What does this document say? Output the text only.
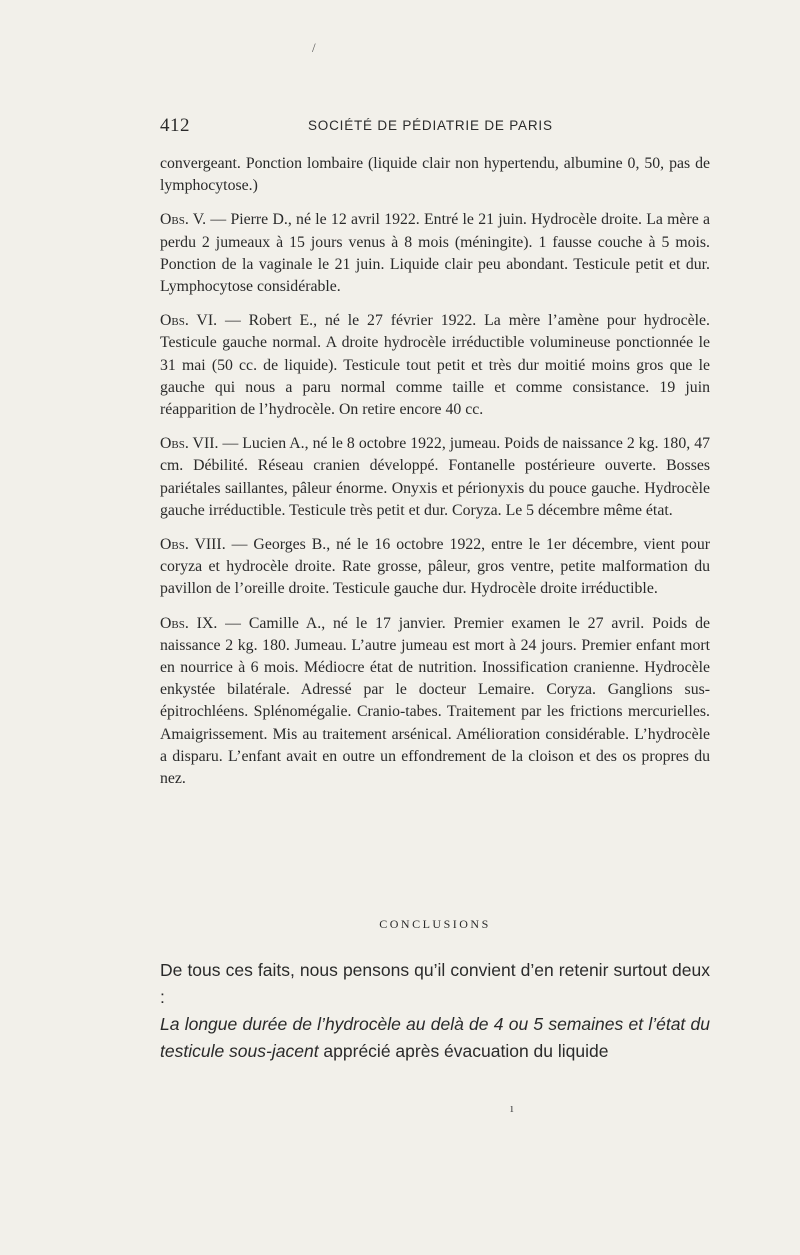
/
412	SOCIÉTÉ DE PÉDIATRIE DE PARIS

convergeant. Ponction lombaire (liquide clair non hypertendu, albumine 0, 50, pas de lymphocytose.)

Obs. V. — Pierre D., né le 12 avril 1922. Entré le 21 juin. Hydrocèle droite. La mère a perdu 2 jumeaux à 15 jours venus à 8 mois (méningite). 1 fausse couche à 5 mois. Ponction de la vaginale le 21 juin. Liquide clair peu abondant. Testicule petit et dur. Lymphocytose considérable.

Obs. VI. — Robert E., né le 27 février 1922. La mère l’amène pour hydrocèle. Testicule gauche normal. A droite hydrocèle irréductible volumineuse ponctionnée le 31 mai (50 cc. de liquide). Testicule tout petit et très dur moitié moins gros que le gauche qui nous a paru normal comme taille et comme consistance. 19 juin réapparition de l’hydrocèle. On retire encore 40 cc.

Obs. VII. — Lucien A., né le 8 octobre 1922, jumeau. Poids de naissance 2 kg. 180, 47 cm. Débilité. Réseau cranien développé. Fontanelle postérieure ouverte. Bosses pariétales saillantes, pâleur énorme. Onyxis et périonyxis du pouce gauche. Hydrocèle gauche irréductible. Testicule très petit et dur. Coryza. Le 5 décembre même état.

Obs. VIII. — Georges B., né le 16 octobre 1922, entre le 1er décembre, vient pour coryza et hydrocèle droite. Rate grosse, pâleur, gros ventre, petite malformation du pavillon de l’oreille droite. Testicule gauche dur. Hydrocèle droite irréductible.

Obs. IX. — Camille A., né le 17 janvier. Premier examen le 27 avril. Poids de naissance 2 kg. 180. Jumeau. L’autre jumeau est mort à 24 jours. Premier enfant mort en nourrice à 6 mois. Médiocre état de nutrition. Inossification cranienne. Hydrocèle enkystée bilatérale. Adressé par le docteur Lemaire. Coryza. Ganglions sus-épitrochléens. Splénomégalie. Cranio-tabes. Traitement par les frictions mercurielles. Amaigrissement. Mis au traitement arsénical. Amélioration considérable. L’hydrocèle a disparu. L’enfant avait en outre un effondrement de la cloison et des os propres du nez.

CONCLUSIONS

De tous ces faits, nous pensons qu’il convient d’en retenir surtout deux :

La longue durée de l’hydrocèle au delà de 4 ou 5 semaines et l’état du testicule sous-jacent apprécié après évacuation du liquide

ı
